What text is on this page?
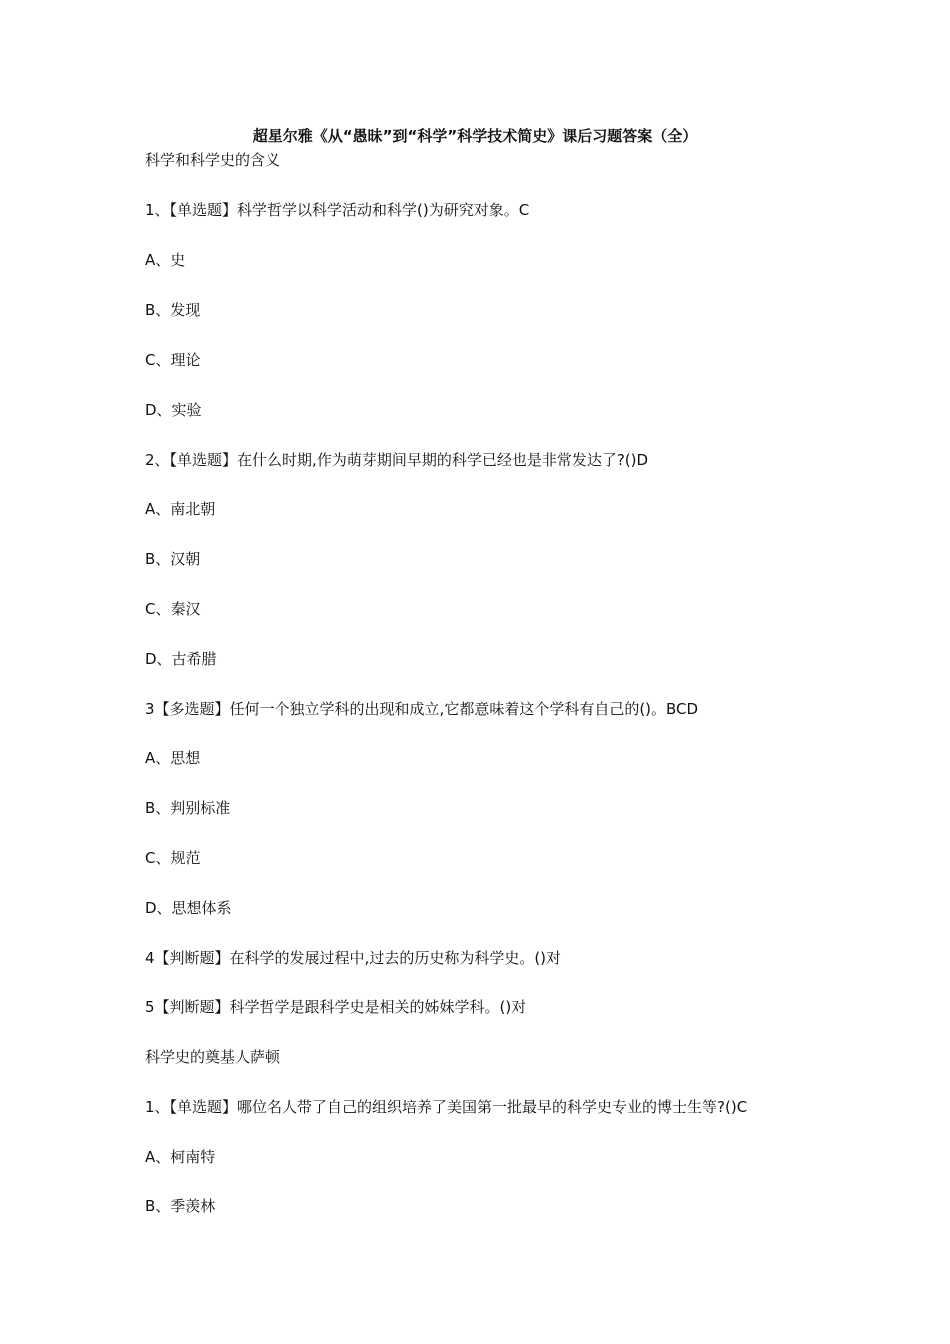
超星尔雅《从“愚昧”到“科学”科学技术简史》课后习题答案（全）
科学和科学史的含义
1、【单选题】科学哲学以科学活动和科学()为研究对象。C
A、史
B、发现
C、理论
D、实验
2、【单选题】在什么时期,作为萌芽期间早期的科学已经也是非常发达了?()D
A、南北朝
B、汉朝
C、秦汉
D、古希腊
3【多选题】任何一个独立学科的出现和成立,它都意味着这个学科有自己的()。BCD
A、思想
B、判别标准
C、规范
D、思想体系
4【判断题】在科学的发展过程中,过去的历史称为科学史。()对
5【判断题】科学哲学是跟科学史是相关的姊妹学科。()对
科学史的奠基人萨顿
1、【单选题】哪位名人带了自己的组织培养了美国第一批最早的科学史专业的博士生等?()C
A、柯南特
B、季羡林
